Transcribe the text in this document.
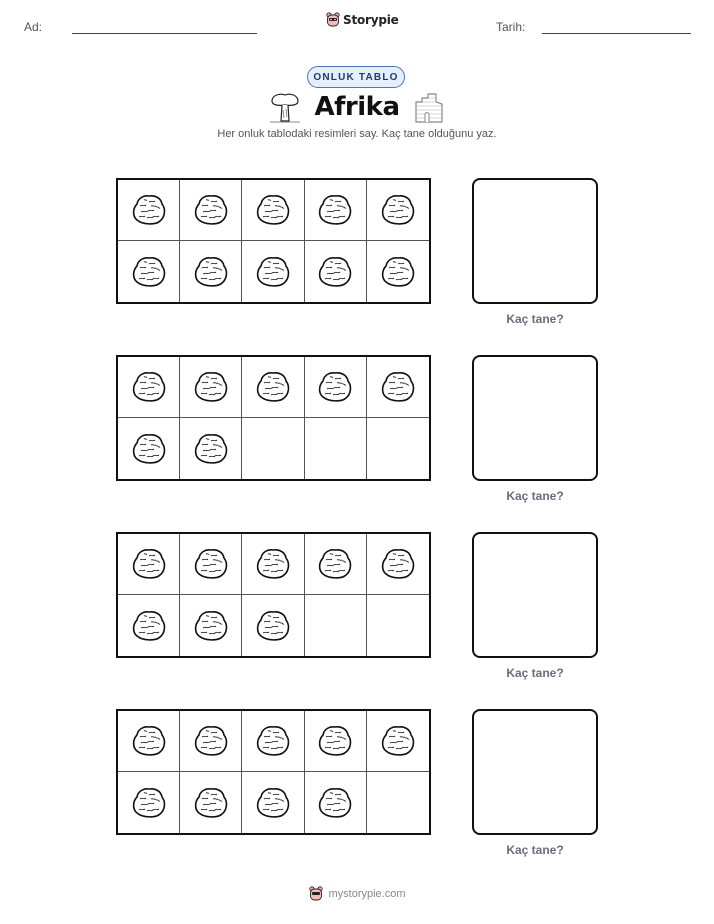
Ad:	Storypie	Tarih:
ONLUK TABLO
Afrika
Her onluk tablodaki resimleri say. Kaç tane olduğunu yaz.
Kaç tane?
Kaç tane?
Kaç tane?
Kaç tane?
mystorypie.com
